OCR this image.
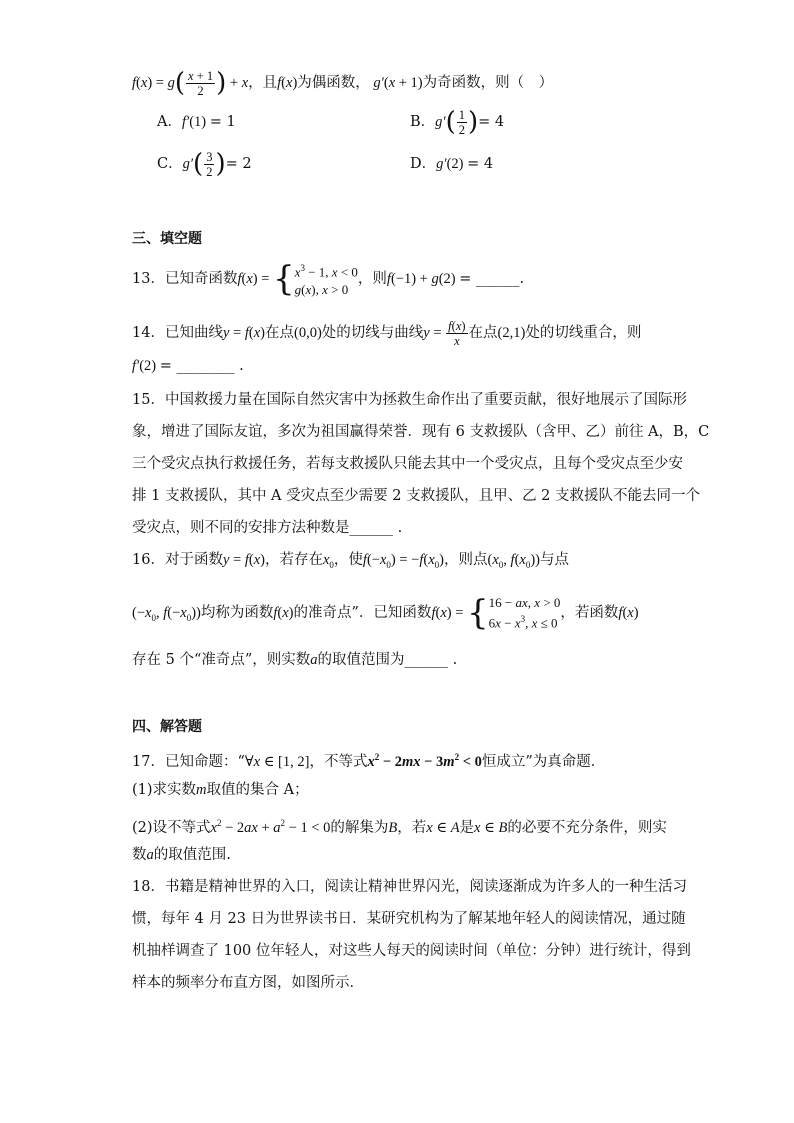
$f(x) = g( \frac{x + 1}{2}$ ) + x，且f(x)为偶函数， g′(x + 1)为奇函数，则（　）
A．f′(1) = 1	B．$g'( \frac{1}{2}$ )= 4
C．$g'( \frac{3}{2}$ )= 2	D．g′(2) = 4
三、填空题
13．已知奇函数f(x) = { $x^3 - 1$, x < 0
g(x), x > 0
，则f(−1) + g(2) = ______.
14．已知曲线y = f(x)在点(0,0)处的切线与曲线$y = \frac{f(x)}{x}$ 在点(2,1)处的切线重合，则
f′(2) = ________ .
15．中国救援力量在国际自然灾害中为拯救生命作出了重要贡献，很好地展示了国际形
象，增进了国际友谊，多次为祖国赢得荣誉．现有 6 支救援队（含甲、乙）前往 A，B，C
三个受灾点执行救援任务，若每支救援队只能去其中一个受灾点，且每个受灾点至少安
排 1 支救援队，其中 A 受灾点至少需要 2 支救援队，且甲、乙 2 支救援队不能去同一个
受灾点，则不同的安排方法种数是______ .
16．对于函数y = f(x)，若存在$x_0$，使$f(-x_0) = -f(x_0)$，则点($x_0$, $f(x_0)$)与点
($-x_0$, $f(-x_0)$)均称为函数f(x)的准奇点”．已知函数f(x) = { 16 − ax, x > 0
$6x - x^3$, x ≤ 0
，若函数f(x)
存在 5 个“准奇点”，则实数a的取值范围为______ .
四、解答题
17．已知命题：“∀x ∈ [1, 2]，不等式$x^2 - 2mx - 3m^2 < 0$恒成立”为真命题．
(1)求实数m取值的集合 A；
(2)设不等式$x^2 - 2ax + a^2 - 1 < 0$的解集为B，若x ∈ A是x ∈ B的必要不充分条件，则实
数a的取值范围.
18．书籍是精神世界的入口，阅读让精神世界闪光，阅读逐渐成为许多人的一种生活习
惯，每年 4 月 23 日为世界读书日．某研究机构为了解某地年轻人的阅读情况，通过随
机抽样调查了 100 位年轻人，对这些人每天的阅读时间（单位：分钟）进行统计，得到
样本的频率分布直方图，如图所示．
